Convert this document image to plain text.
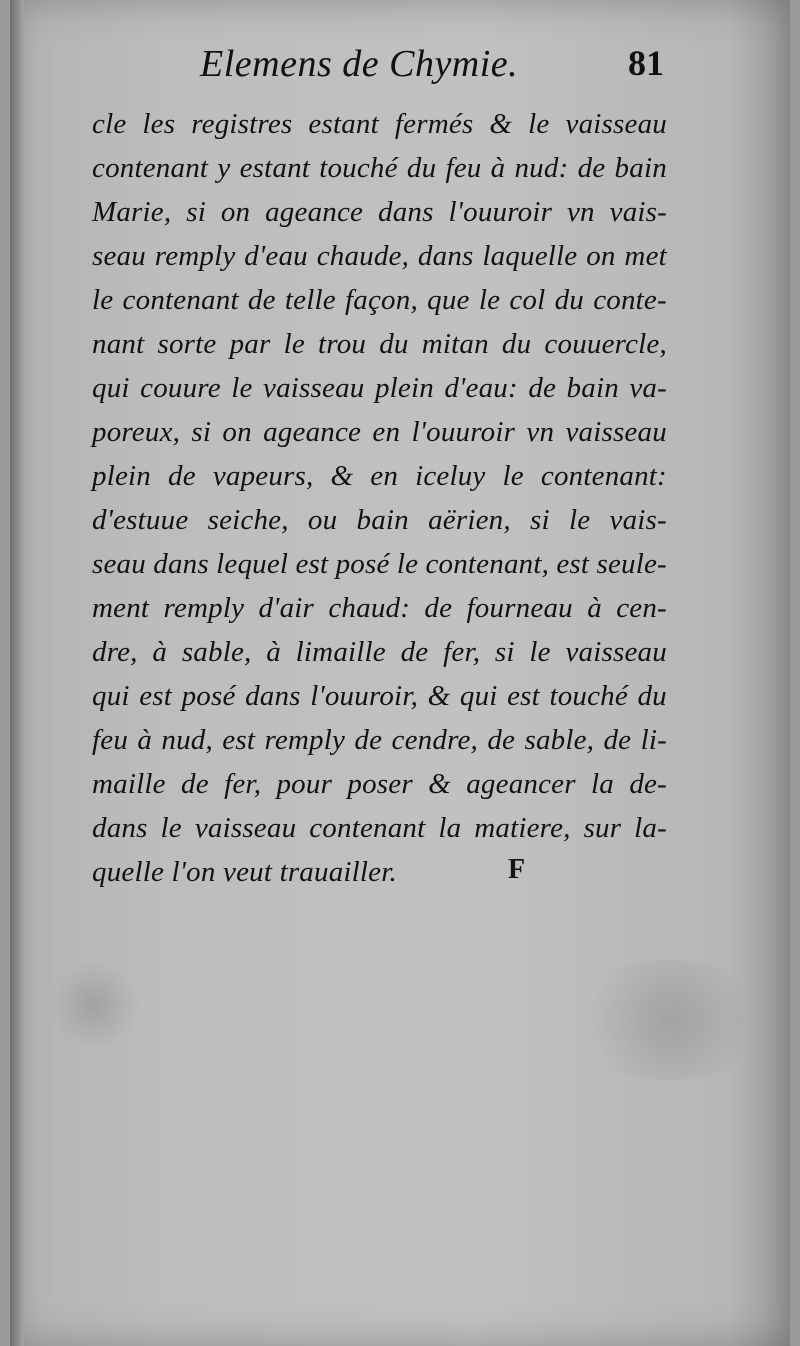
Elemens de Chymie.	81
cle les registres estant fermés & le vaisseau
contenant y estant touché du feu à nud: de bain
Marie, si on ageance dans l'ouuroir vn vais-
seau remply d'eau chaude, dans laquelle on met
le contenant de telle façon, que le col du conte-
nant sorte par le trou du mitan du couuercle,
qui couure le vaisseau plein d'eau: de bain va-
poreux, si on ageance en l'ouuroir vn vaisseau
plein de vapeurs, & en iceluy le contenant:
d'estuue seiche, ou bain aërien, si le vais-
seau dans lequel est posé le contenant, est seule-
ment remply d'air chaud: de fourneau à cen-
dre, à sable, à limaille de fer, si le vaisseau
qui est posé dans l'ouuroir, & qui est touché du
feu à nud, est remply de cendre, de sable, de li-
maille de fer, pour poser & ageancer la de-
dans le vaisseau contenant la matiere, sur la-
quelle l'on veut trauailler.	F
